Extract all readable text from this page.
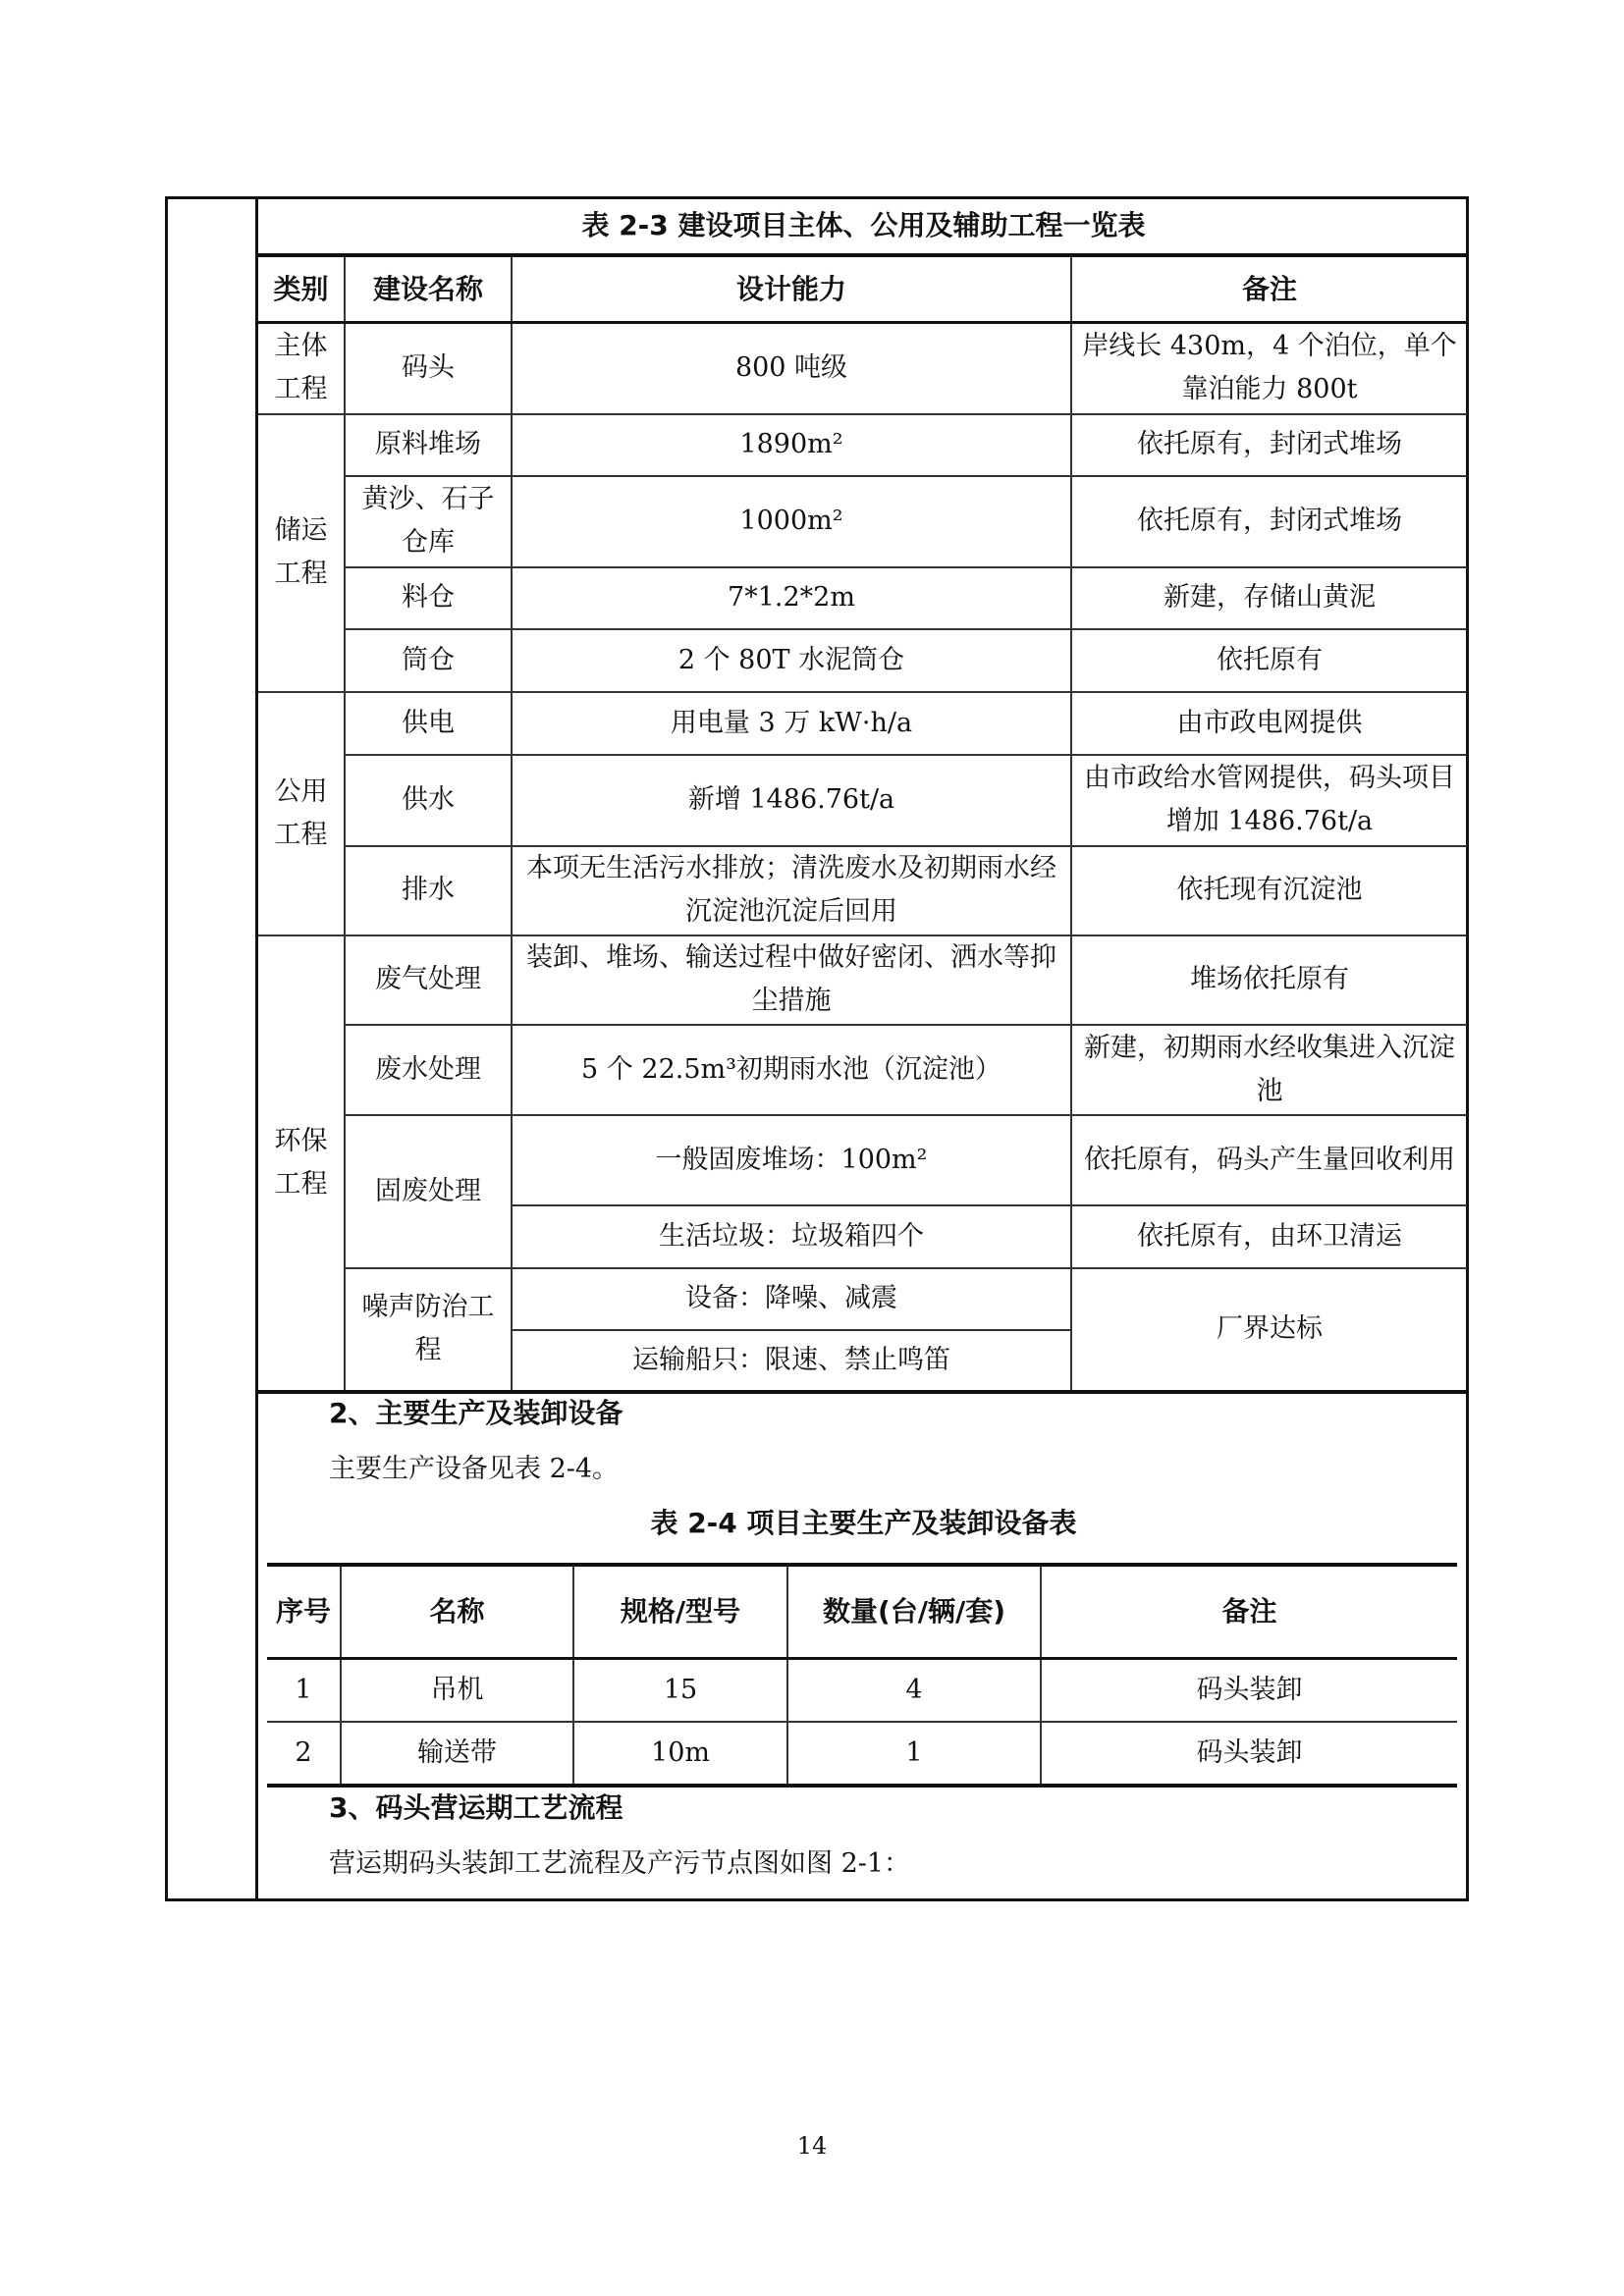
表 2-3 建设项目主体、公用及辅助工程一览表
类别	建设名称	设计能力	备注
主体工程	码头	800 吨级	岸线长 430m，4 个泊位，单个靠泊能力 800t
储运工程	原料堆场	1890m²	依托原有，封闭式堆场
	黄沙、石子仓库	1000m²	依托原有，封闭式堆场
	料仓	7*1.2*2m	新建，存储山黄泥
	筒仓	2 个 80T 水泥筒仓	依托原有
公用工程	供电	用电量 3 万 kW·h/a	由市政电网提供
	供水	新增 1486.76t/a	由市政给水管网提供，码头项目增加 1486.76t/a
	排水	本项无生活污水排放；清洗废水及初期雨水经沉淀池沉淀后回用	依托现有沉淀池
环保工程	废气处理	装卸、堆场、输送过程中做好密闭、洒水等抑尘措施	堆场依托原有
	废水处理	5 个 22.5m³初期雨水池（沉淀池）	新建，初期雨水经收集进入沉淀池
	固废处理	一般固废堆场：100m²	依托原有，码头产生量回收利用
		生活垃圾：垃圾箱四个	依托原有，由环卫清运
	噪声防治工程	设备：降噪、减震	厂界达标
		运输船只：限速、禁止鸣笛	
2、主要生产及装卸设备
主要生产设备见表 2-4。
表 2-4 项目主要生产及装卸设备表
序号	名称	规格/型号	数量(台/辆/套)	备注
1	吊机	15	4	码头装卸
2	输送带	10m	1	码头装卸
3、码头营运期工艺流程
营运期码头装卸工艺流程及产污节点图如图 2-1：
14
